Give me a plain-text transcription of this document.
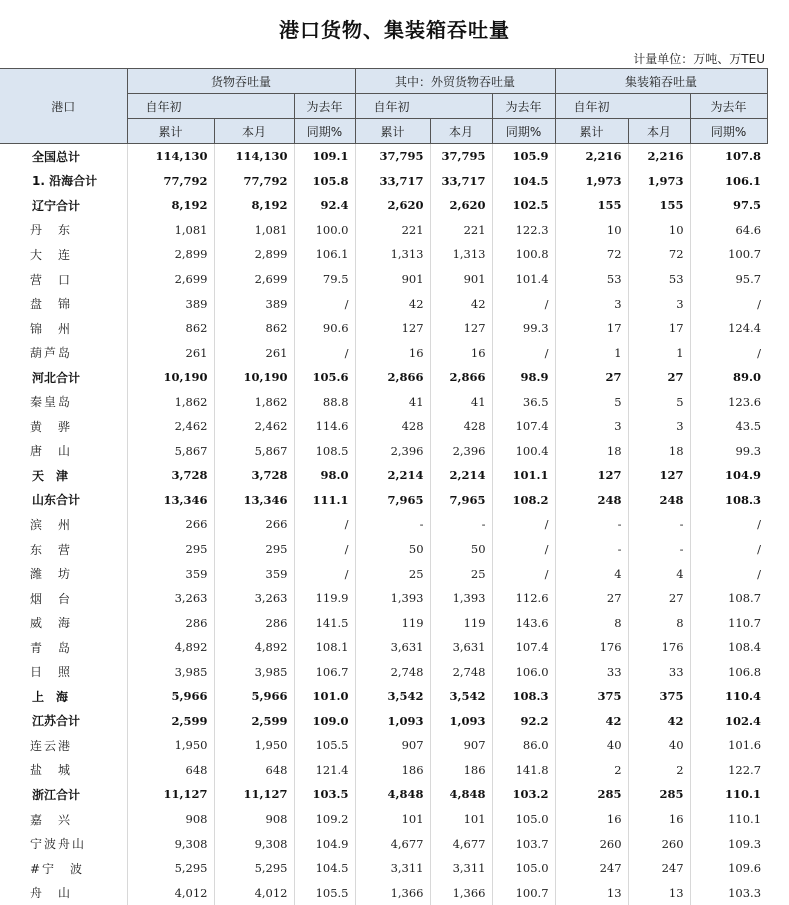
港口货物、集装箱吞吐量
计量单位：万吨、万TEU
港口	货物吞吐量			其中：外贸货物吞吐量			集装箱吞吐量		
	自年初		为去年	自年初		为去年	自年初		为去年
	累计	本月	同期%	累计	本月	同期%	累计	本月	同期%
全国总计	114,130	114,130	109.1	37,795	37,795	105.9	2,216	2,216	107.8
1. 沿海合计	77,792	77,792	105.8	33,717	33,717	104.5	1,973	1,973	106.1
辽宁合计	8,192	8,192	92.4	2,620	2,620	102.5	155	155	97.5
丹　东	1,081	1,081	100.0	221	221	122.3	10	10	64.6
大　连	2,899	2,899	106.1	1,313	1,313	100.8	72	72	100.7
营　口	2,699	2,699	79.5	901	901	101.4	53	53	95.7
盘　锦	389	389	/	42	42	/	3	3	/
锦　州	862	862	90.6	127	127	99.3	17	17	124.4
葫芦岛	261	261	/	16	16	/	1	1	/
河北合计	10,190	10,190	105.6	2,866	2,866	98.9	27	27	89.0
秦皇岛	1,862	1,862	88.8	41	41	36.5	5	5	123.6
黄　骅	2,462	2,462	114.6	428	428	107.4	3	3	43.5
唐　山	5,867	5,867	108.5	2,396	2,396	100.4	18	18	99.3
天　津	3,728	3,728	98.0	2,214	2,214	101.1	127	127	104.9
山东合计	13,346	13,346	111.1	7,965	7,965	108.2	248	248	108.3
滨　州	266	266	/	-	-	/	-	-	/
东　营	295	295	/	50	50	/	-	-	/
潍　坊	359	359	/	25	25	/	4	4	/
烟　台	3,263	3,263	119.9	1,393	1,393	112.6	27	27	108.7
威　海	286	286	141.5	119	119	143.6	8	8	110.7
青　岛	4,892	4,892	108.1	3,631	3,631	107.4	176	176	108.4
日　照	3,985	3,985	106.7	2,748	2,748	106.0	33	33	106.8
上　海	5,966	5,966	101.0	3,542	3,542	108.3	375	375	110.4
江苏合计	2,599	2,599	109.0	1,093	1,093	92.2	42	42	102.4
连云港	1,950	1,950	105.5	907	907	86.0	40	40	101.6
盐　城	648	648	121.4	186	186	141.8	2	2	122.7
浙江合计	11,127	11,127	103.5	4,848	4,848	103.2	285	285	110.1
嘉　兴	908	908	109.2	101	101	105.0	16	16	110.1
宁波舟山	9,308	9,308	104.9	4,677	4,677	103.7	260	260	109.3
#宁　波	5,295	5,295	104.5	3,311	3,311	105.0	247	247	109.6
舟　山	4,012	4,012	105.5	1,366	1,366	100.7	13	13	103.3
